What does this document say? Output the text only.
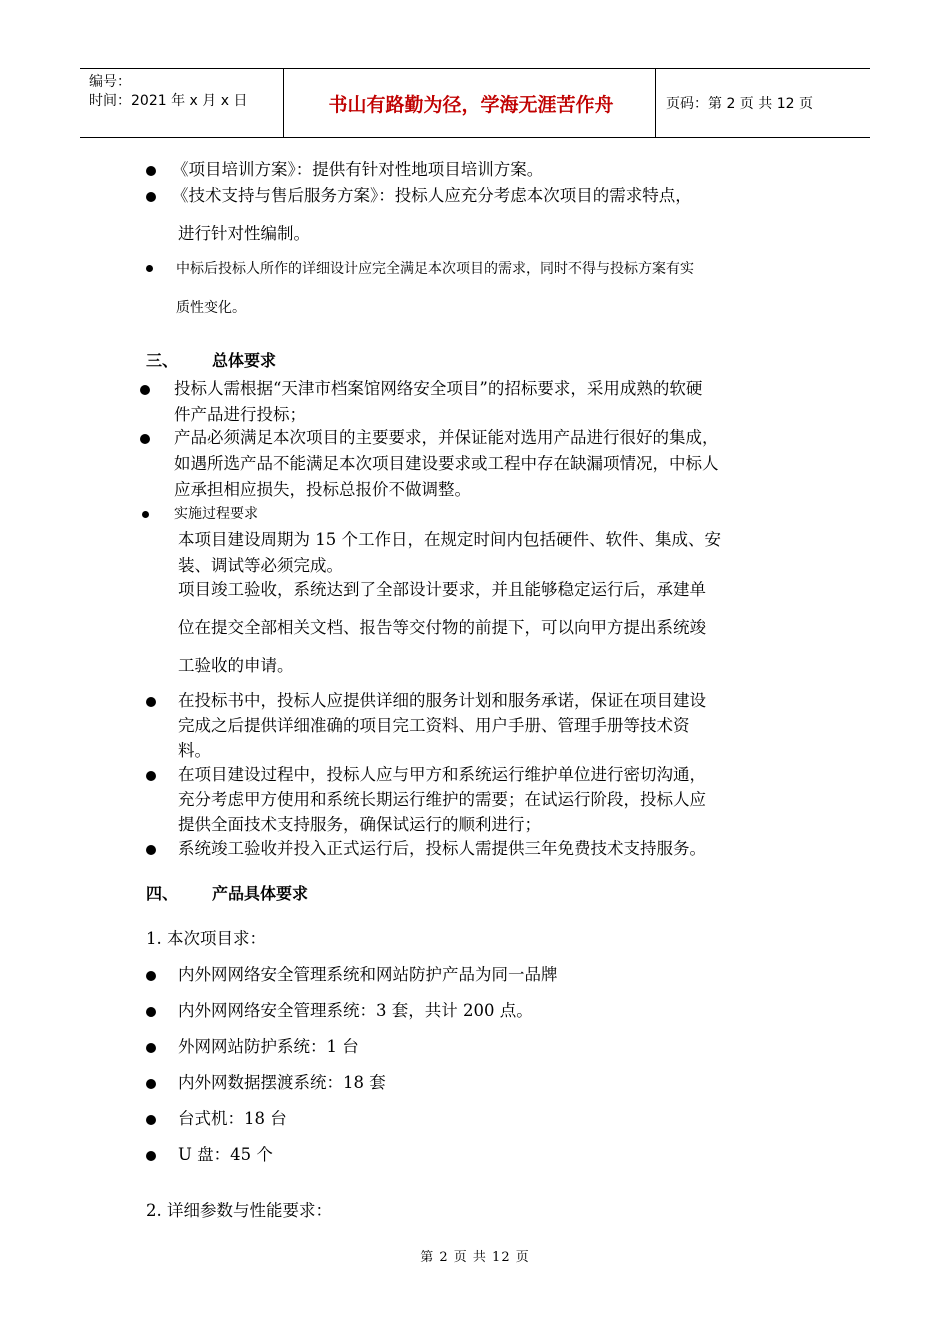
编号：
时间：2021 年 x 月 x 日	书山有路勤为径，学海无涯苦作舟	页码：第 2 页 共 12 页
《项目培训方案》：提供有针对性地项目培训方案。
《技术支持与售后服务方案》：投标人应充分考虑本次项目的需求特点，
进行针对性编制。
中标后投标人所作的详细设计应完全满足本次项目的需求，同时不得与投标方案有实
质性变化。
三、 总体要求
投标人需根据“天津市档案馆网络安全项目”的招标要求，采用成熟的软硬
件产品进行投标；
产品必须满足本次项目的主要要求，并保证能对选用产品进行很好的集成，
如遇所选产品不能满足本次项目建设要求或工程中存在缺漏项情况，中标人
应承担相应损失，投标总报价不做调整。
实施过程要求
本项目建设周期为 15 个工作日，在规定时间内包括硬件、软件、集成、安
装、调试等必须完成。
项目竣工验收，系统达到了全部设计要求，并且能够稳定运行后，承建单
位在提交全部相关文档、报告等交付物的前提下，可以向甲方提出系统竣
工验收的申请。
在投标书中，投标人应提供详细的服务计划和服务承诺，保证在项目建设
完成之后提供详细准确的项目完工资料、用户手册、管理手册等技术资
料。
在项目建设过程中，投标人应与甲方和系统运行维护单位进行密切沟通，
充分考虑甲方使用和系统长期运行维护的需要；在试运行阶段，投标人应
提供全面技术支持服务，确保试运行的顺利进行；
系统竣工验收并投入正式运行后，投标人需提供三年免费技术支持服务。
四、 产品具体要求
1. 本次项目求：
内外网网络安全管理系统和网站防护产品为同一品牌
内外网网络安全管理系统：3 套，共计 200 点。
外网网站防护系统：1 台
内外网数据摆渡系统：18 套
台式机：18 台
U 盘：45 个
2. 详细参数与性能要求：
第 2 页 共 12 页
